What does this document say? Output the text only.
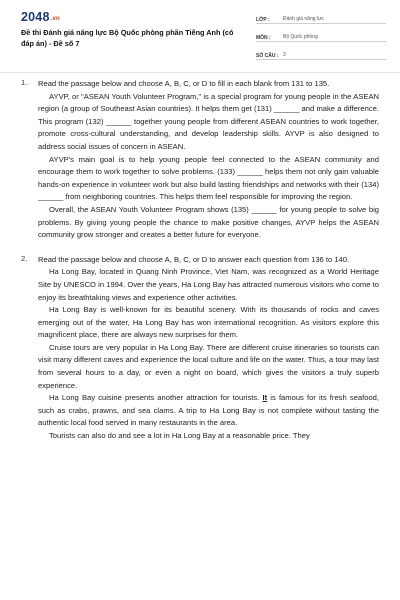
2048.vn
Đề thi Đánh giá năng lực Bộ Quốc phòng phần Tiếng Anh (có đáp án) - Đề số 7
LỚP :	Đánh giá năng lực
MÔN :	Bộ Quốc phòng
SỐ CÂU : 3
1. Read the passage below and choose A, B, C, or D to fill in each blank from 131 to 135.

AYVP, or "ASEAN Youth Volunteer Program," is a special program for young people in the ASEAN region (a group of Southeast Asian countries). It helps them get (131) ______ and make a difference. This program (132) ______ together young people from different ASEAN countries to work together, promote cross-cultural understanding, and develop leadership skills. AYVP is also designed to address social issues of concern in ASEAN.

AYVP's main goal is to help young people feel connected to the ASEAN community and encourage them to work together to solve problems. (133) ______ helps them not only gain valuable hands-on experience in volunteer work but also build lasting friendships and networks with their (134) ______ from neighboring countries. This helps them feel responsible for improving the region.

Overall, the ASEAN Youth Volunteer Program shows (135) ______ for young people to solve big problems. By giving young people the chance to make positive changes, AYVP helps the ASEAN community grow stronger and creates a better future for everyone.

2. Read the passage below and choose A, B, C, or D to answer each question from 136 to 140.

Ha Long Bay, located in Quang Ninh Province, Viet Nam, was recognized as a World Heritage Site by UNESCO in 1994. Over the years, Ha Long Bay has attracted numerous visitors who come to enjoy its breathtaking views and experience other activities.

Ha Long Bay is well-known for its beautiful scenery. With its thousands of rocks and caves emerging out of the water, Ha Long Bay has won international recognition. As visitors explore this magnificent place, there are always new surprises for them.

Cruise tours are very popular in Ha Long Bay. There are different cruise itineraries so tourists can visit many different caves and experience the local culture and life on the water. Thus, a tour may last from several hours to a day, or even a night on board, which gives the visitors a truly superb experience.

Ha Long Bay cuisine presents another attraction for tourists. It is famous for its fresh seafood, such as crabs, prawns, and sea clams. A trip to Ha Long Bay is not complete without tasting the authentic local food served in many restaurants in the area.

Tourists can also do and see a lot in Ha Long Bay at a reasonable price. They
